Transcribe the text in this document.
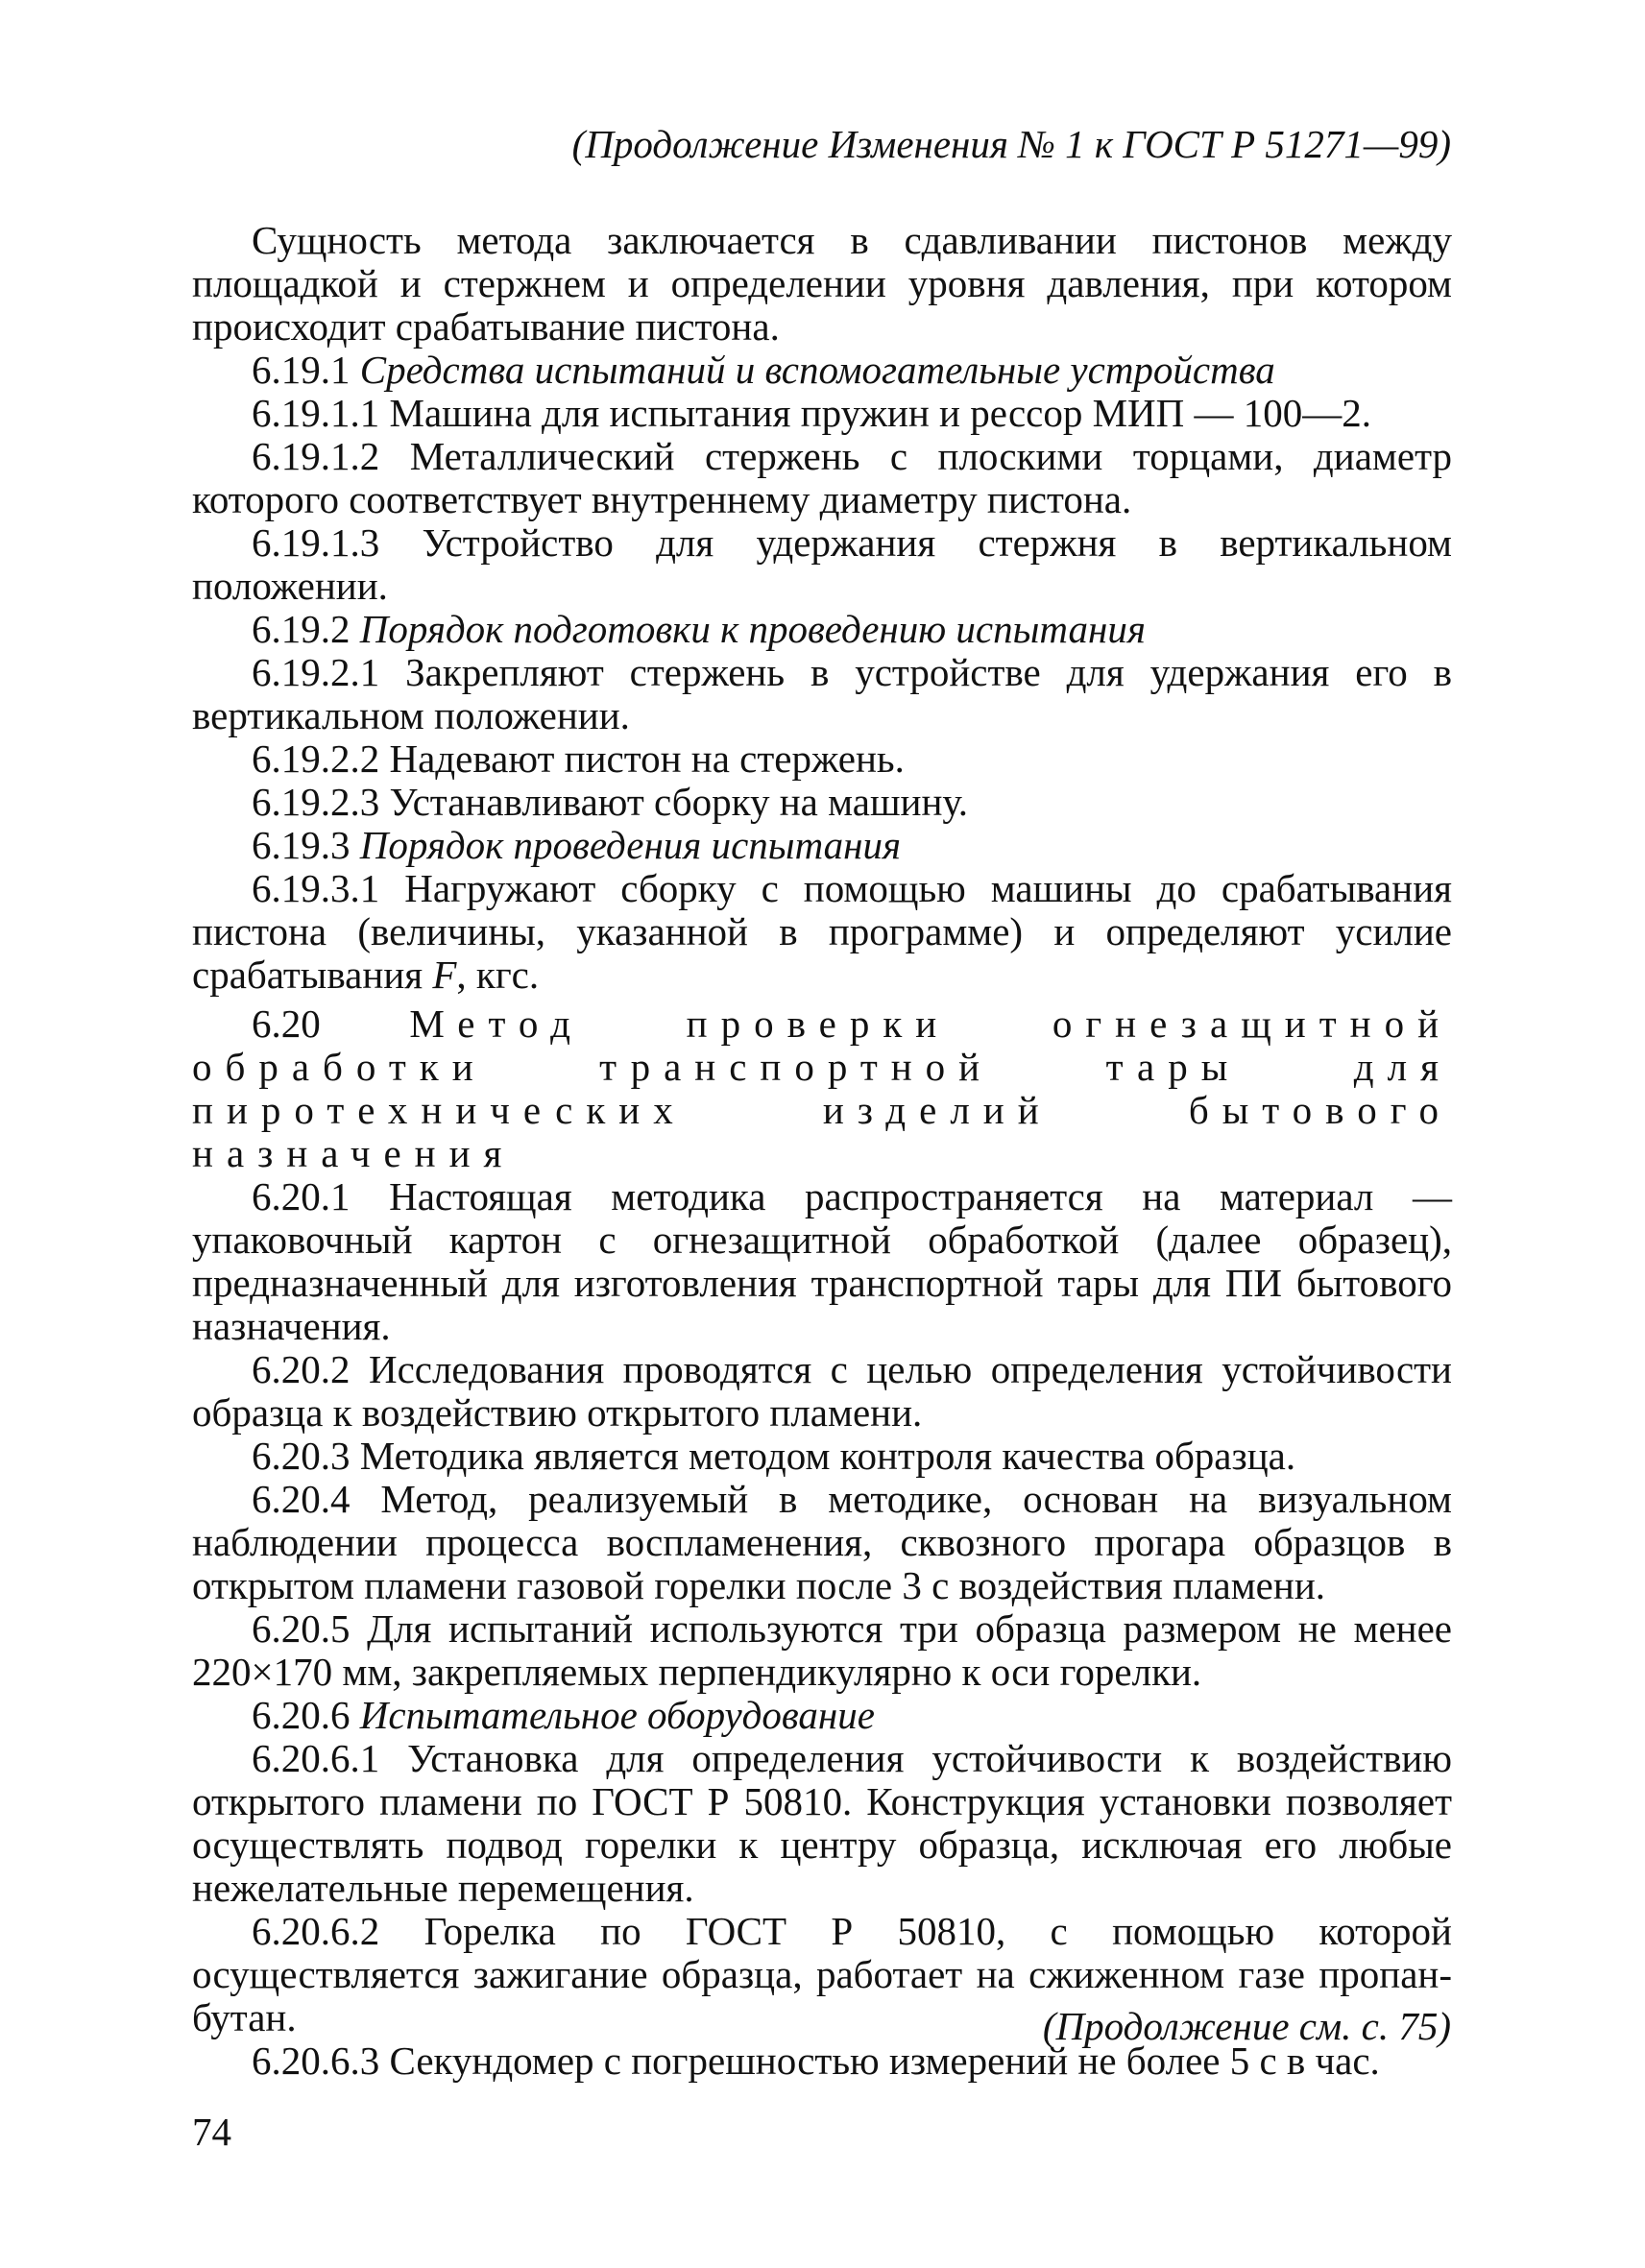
(Продолжение Изменения № 1 к ГОСТ Р 51271—99)

Сущность метода заключается в сдавливании пистонов между площадкой и стержнем и определении уровня давления, при котором происходит срабатывание пистона.

6.19.1 Средства испытаний и вспомогательные устройства

6.19.1.1 Машина для испытания пружин и рессор МИП — 100—2.

6.19.1.2 Металлический стержень с плоскими торцами, диаметр которого соответствует внутреннему диаметру пистона.

6.19.1.3 Устройство для удержания стержня в вертикальном положении.

6.19.2 Порядок подготовки к проведению испытания

6.19.2.1 Закрепляют стержень в устройстве для удержания его в вертикальном положении.

6.19.2.2 Надевают пистон на стержень.

6.19.2.3 Устанавливают сборку на машину.

6.19.3 Порядок проведения испытания

6.19.3.1 Нагружают сборку с помощью машины до срабатывания пистона (величины, указанной в программе) и определяют усилие срабатывания F, кгс.

6.20 Метод проверки огнезащитной обработки транспортной тары для пиротехнических изделий бытового назначения

6.20.1 Настоящая методика распространяется на материал — упаковочный картон с огнезащитной обработкой (далее образец), предназначенный для изготовления транспортной тары для ПИ бытового назначения.

6.20.2 Исследования проводятся с целью определения устойчивости образца к воздействию открытого пламени.

6.20.3 Методика является методом контроля качества образца.

6.20.4 Метод, реализуемый в методике, основан на визуальном наблюдении процесса воспламенения, сквозного прогара образцов в открытом пламени газовой горелки после 3 с воздействия пламени.

6.20.5 Для испытаний используются три образца размером не менее 220×170 мм, закрепляемых перпендикулярно к оси горелки.

6.20.6 Испытательное оборудование

6.20.6.1 Установка для определения устойчивости к воздействию открытого пламени по ГОСТ Р 50810. Конструкция установки позволяет осуществлять подвод горелки к центру образца, исключая его любые нежелательные перемещения.

6.20.6.2 Горелка по ГОСТ Р 50810, с помощью которой осуществляется зажигание образца, работает на сжиженном газе пропан-бутан.

6.20.6.3 Секундомер с погрешностью измерений не более 5 с в час.

(Продолжение см. с. 75)
74
